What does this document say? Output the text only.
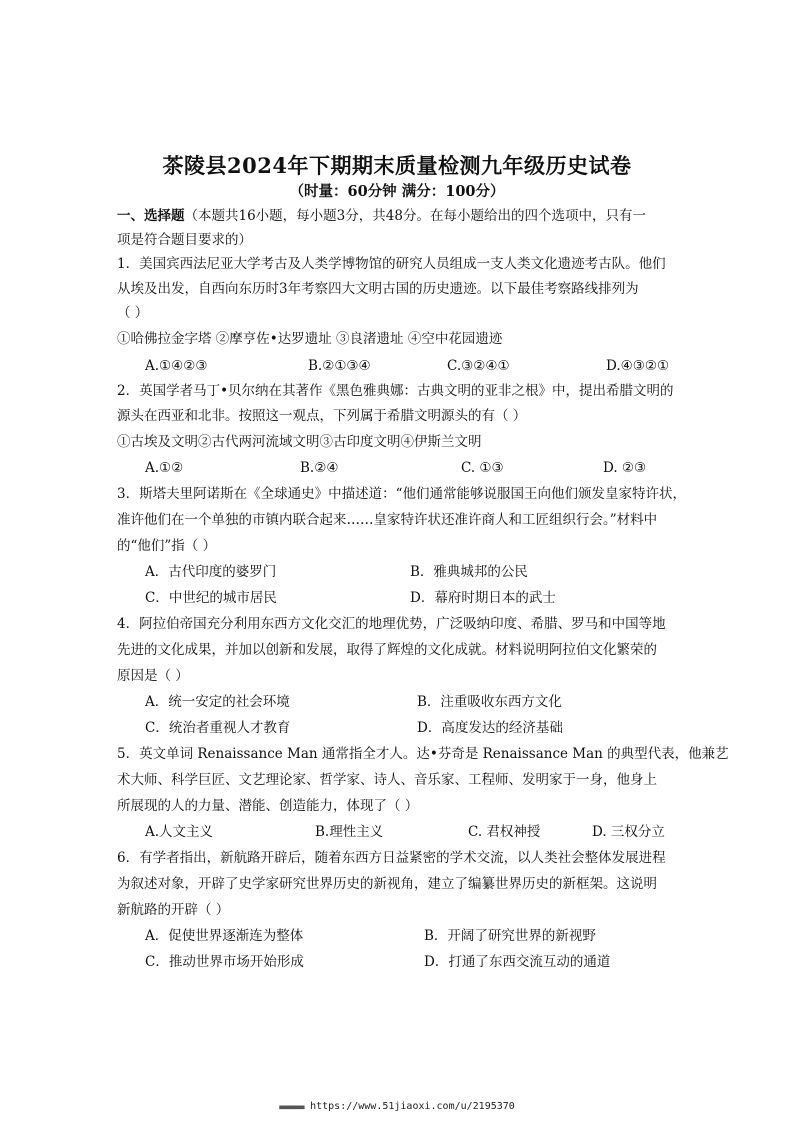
茶陵县2024年下期期末质量检测九年级历史试卷
（时量：60分钟 满分：100分）
一、选择题（本题共16小题，每小题3分，共48分。在每小题给出的四个选项中，只有一
项是符合题目要求的）
1．美国宾西法尼亚大学考古及人类学博物馆的研究人员组成一支人类文化遗迹考古队。他们
从埃及出发，自西向东历时3年考察四大文明古国的历史遗迹。以下最佳考察路线排列为
（ ）
①哈佛拉金字塔 ②摩亨佐•达罗遗址 ③良渚遗址 ④空中花园遗迹
A.①④②③	B.②①③④	C.③②④①	D.④③②①
2．英国学者马丁•贝尔纳在其著作《黑色雅典娜：古典文明的亚非之根》中，提出希腊文明的
源头在西亚和北非。按照这一观点，下列属于希腊文明源头的有（ ）
①古埃及文明②古代两河流域文明③古印度文明④伊斯兰文明
A.①②	B.②④	C. ①③	D. ②③
3．斯塔夫里阿诺斯在《全球通史》中描述道：“他们通常能够说服国王向他们颁发皇家特许状，
准许他们在一个单独的市镇内联合起来……皇家特许状还准许商人和工匠组织行会。”材料中
的“他们”指（ ）
A．古代印度的婆罗门	B．雅典城邦的公民
C．中世纪的城市居民	D．幕府时期日本的武士
4．阿拉伯帝国充分利用东西方文化交汇的地理优势，广泛吸纳印度、希腊、罗马和中国等地
先进的文化成果，并加以创新和发展，取得了辉煌的文化成就。材料说明阿拉伯文化繁荣的
原因是（ ）
A．统一安定的社会环境	B．注重吸收东西方文化
C．统治者重视人才教育	D．高度发达的经济基础
5．英文单词 Renaissance Man 通常指全才人。达•芬奇是 Renaissance Man 的典型代表，他兼艺
术大师、科学巨匠、文艺理论家、哲学家、诗人、音乐家、工程师、发明家于一身，他身上
所展现的人的力量、潜能、创造能力，体现了（ ）
A.人文主义	B.理性主义	C. 君权神授	D. 三权分立
6．有学者指出，新航路开辟后，随着东西方日益紧密的学术交流，以人类社会整体发展进程
为叙述对象，开辟了史学家研究世界历史的新视角，建立了编纂世界历史的新框架。这说明
新航路的开辟（ ）
A．促使世界逐渐连为整体	B．开阔了研究世界的新视野
C．推动世界市场开始形成	D．打通了东西交流互动的通道
■■■■■■■■ https://www.51jiaoxi.com/u/2195370
